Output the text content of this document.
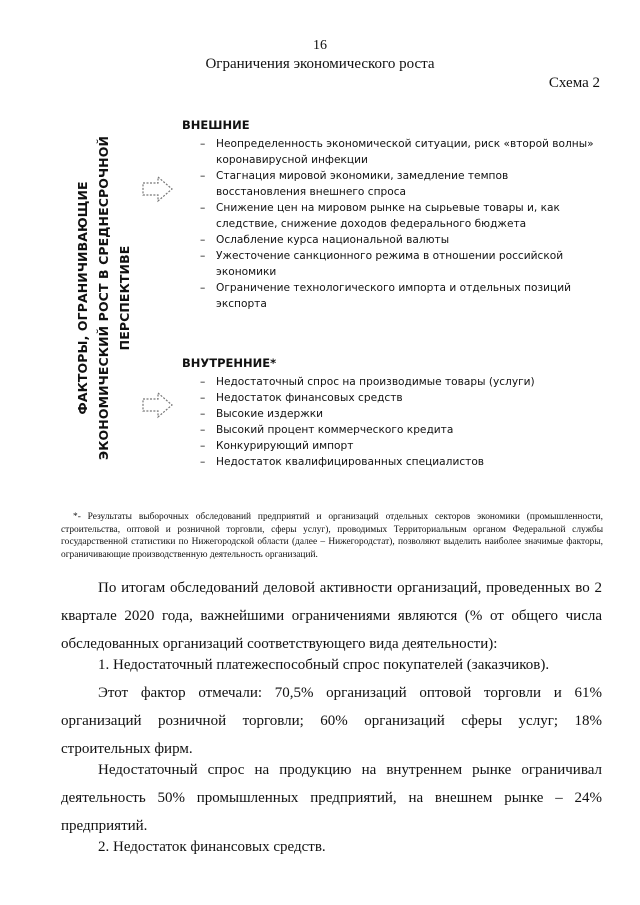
16
Ограничения экономического роста
Схема 2
ФАКТОРЫ, ОГРАНИЧИВАЮЩИЕ ЭКОНОМИЧЕСКИЙ РОСТ В СРЕДНЕСРОЧНОЙ ПЕРСПЕКТИВЕ
ВНЕШНИЕ
– Неопределенность экономической ситуации, риск «второй волны» коронавирусной инфекции
– Стагнация мировой экономики, замедление темпов восстановления внешнего спроса
– Снижение цен на мировом рынке на сырьевые товары и, как следствие, снижение доходов федерального бюджета
– Ослабление курса национальной валюты
– Ужесточение санкционного режима в отношении российской экономики
– Ограничение технологического импорта и отдельных позиций экспорта
ВНУТРЕННИЕ*
– Недостаточный спрос на производимые товары (услуги)
– Недостаток финансовых средств
– Высокие издержки
– Высокий процент коммерческого кредита
– Конкурирующий импорт
– Недостаток квалифицированных специалистов

*- Результаты выборочных обследований предприятий и организаций отдельных секторов экономики (промышленности, строительства, оптовой и розничной торговли, сферы услуг), проводимых Территориальным органом Федеральной службы государственной статистики по Нижегородской области (далее – Нижегородстат), позволяют выделить наиболее значимые факторы, ограничивающие производственную деятельность организаций.

По итогам обследований деловой активности организаций, проведенных во 2 квартале 2020 года, важнейшими ограничениями являются (% от общего числа обследованных организаций соответствующего вида деятельности):

1. Недостаточный платежеспособный спрос покупателей (заказчиков).

Этот фактор отмечали: 70,5% организаций оптовой торговли и 61% организаций розничной торговли; 60% организаций сферы услуг; 18% строительных фирм.

Недостаточный спрос на продукцию на внутреннем рынке ограничивал деятельность 50% промышленных предприятий, на внешнем рынке – 24% предприятий.

2. Недостаток финансовых средств.
